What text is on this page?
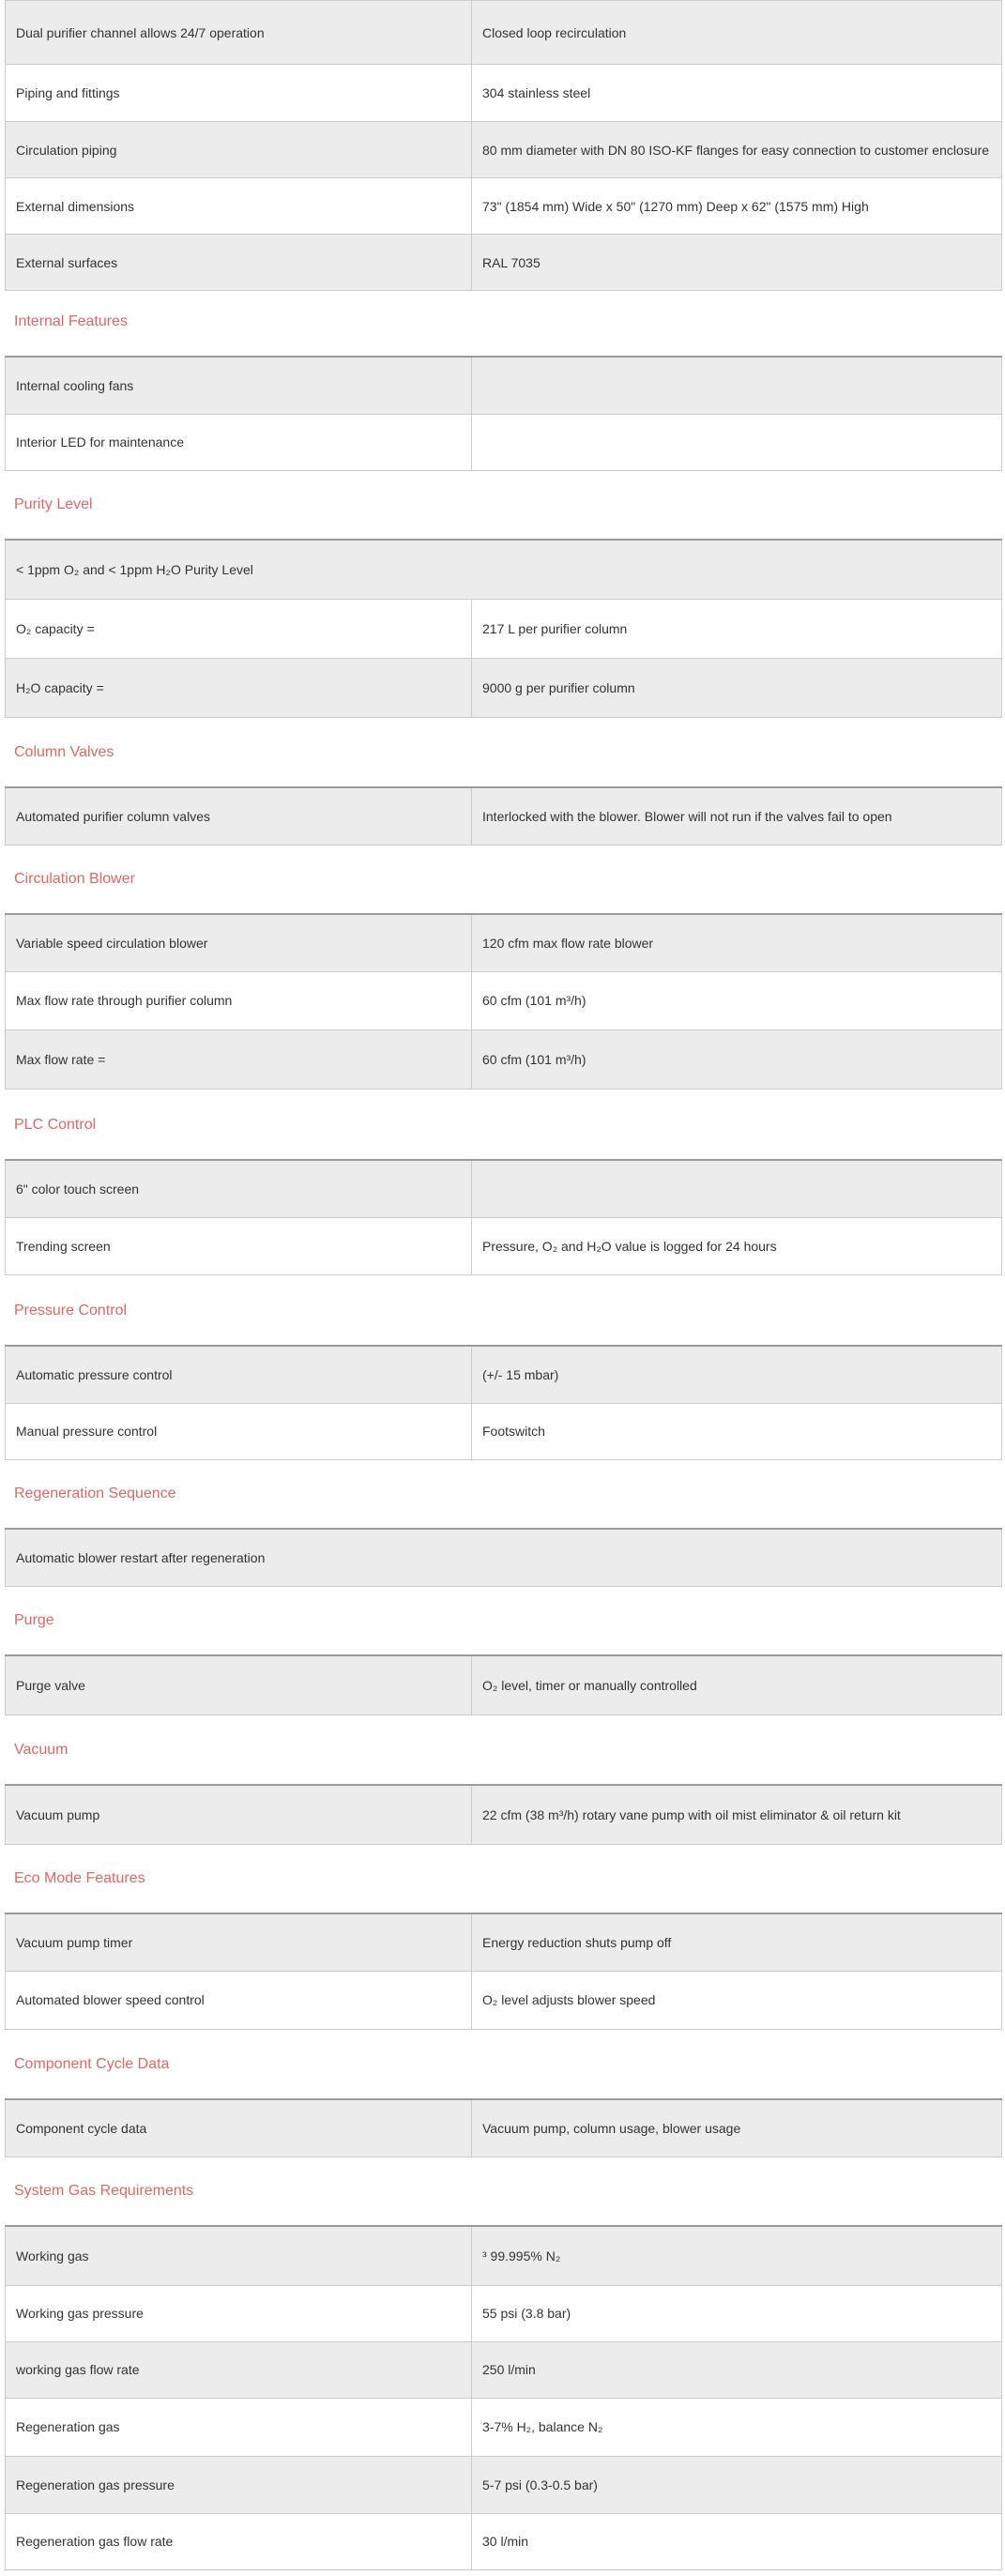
Dual purifier channel allows 24/7 operation	Closed loop recirculation
Piping and fittings	304 stainless steel
Circulation piping	80 mm diameter with DN 80 ISO-KF flanges for easy connection to customer enclosure
External dimensions	73" (1854 mm) Wide x 50" (1270 mm) Deep x 62" (1575 mm) High
External surfaces	RAL 7035
Internal Features
Internal cooling fans	
Interior LED for maintenance	
Purity Level
< 1ppm O₂ and < 1ppm H₂O Purity Level	
O₂ capacity =	217 L per purifier column
H₂O capacity =	9000 g per purifier column
Column Valves
Automated purifier column valves	Interlocked with the blower. Blower will not run if the valves fail to open
Circulation Blower
Variable speed circulation blower	120 cfm max flow rate blower
Max flow rate through purifier column	60 cfm (101 m³/h)
Max flow rate =	60 cfm (101 m³/h)
PLC Control
6" color touch screen	
Trending screen	Pressure, O₂ and H₂O value is logged for 24 hours
Pressure Control
Automatic pressure control	(+/- 15 mbar)
Manual pressure control	Footswitch
Regeneration Sequence
Automatic blower restart after regeneration
Purge
Purge valve	O₂ level, timer or manually controlled
Vacuum
Vacuum pump	22 cfm (38 m³/h) rotary vane pump with oil mist eliminator & oil return kit
Eco Mode Features
Vacuum pump timer	Energy reduction shuts pump off
Automated blower speed control	O₂ level adjusts blower speed
Component Cycle Data
Component cycle data	Vacuum pump, column usage, blower usage
System Gas Requirements
Working gas	³ 99.995% N₂
Working gas pressure	55 psi (3.8 bar)
working gas flow rate	250 l/min
Regeneration gas	3-7% H₂, balance N₂
Regeneration gas pressure	5-7 psi (0.3-0.5 bar)
Regeneration gas flow rate	30 l/min
